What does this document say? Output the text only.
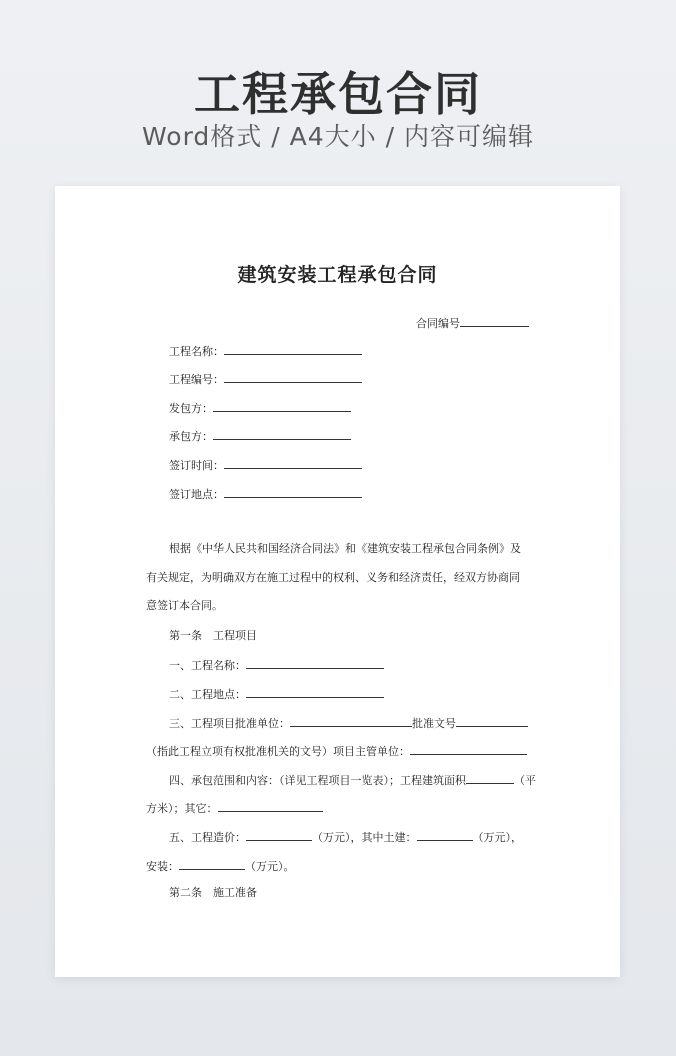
工程承包合同
Word格式 / A4大小 / 内容可编辑
建筑安装工程承包合同
合同编号
工程名称：
工程编号：
发包方：
承包方：
签订时间：
签订地点：
根据《中华人民共和国经济合同法》和《建筑安装工程承包合同条例》及有关规定，为明确双方在施工过程中的权利、义务和经济责任，经双方协商同意签订本合同。
第一条　工程项目
一、工程名称：
二、工程地点：
三、工程项目批准单位：	批准文号
（指此工程立项有权批准机关的文号）项目主管单位：
四、承包范围和内容：（详见工程项目一览表）；工程建筑面积	（平
方米）；其它：
五、工程造价：	（万元），其中土建：	（万元），
安装：	（万元）。
第二条　施工准备
